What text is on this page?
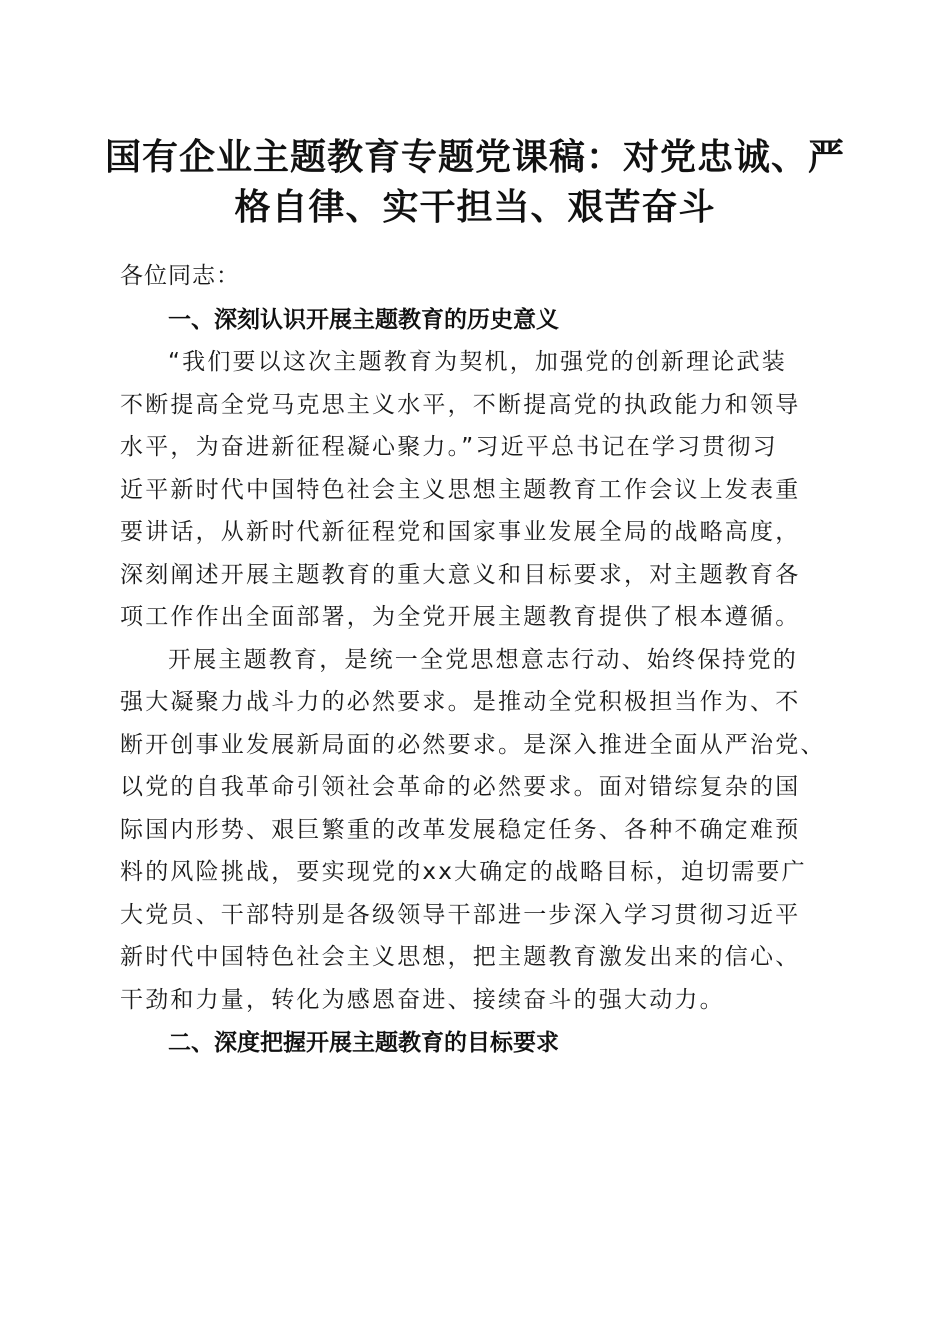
国有企业主题教育专题党课稿：对党忠诚、严
格自律、实干担当、艰苦奋斗

各位同志：

一、深刻认识开展主题教育的历史意义
“我们要以这次主题教育为契机，加强党的创新理论武装
不断提高全党马克思主义水平，不断提高党的执政能力和领导
水平，为奋进新征程凝心聚力。”习近平总书记在学习贯彻习
近平新时代中国特色社会主义思想主题教育工作会议上发表重
要讲话，从新时代新征程党和国家事业发展全局的战略高度，
深刻阐述开展主题教育的重大意义和目标要求，对主题教育各
项工作作出全面部署，为全党开展主题教育提供了根本遵循。
开展主题教育，是统一全党思想意志行动、始终保持党的
强大凝聚力战斗力的必然要求。是推动全党积极担当作为、不
断开创事业发展新局面的必然要求。是深入推进全面从严治党、
以党的自我革命引领社会革命的必然要求。面对错综复杂的国
际国内形势、艰巨繁重的改革发展稳定任务、各种不确定难预
料的风险挑战，要实现党的xx大确定的战略目标，迫切需要广
大党员、干部特别是各级领导干部进一步深入学习贯彻习近平
新时代中国特色社会主义思想，把主题教育激发出来的信心、
干劲和力量，转化为感恩奋进、接续奋斗的强大动力。
二、深度把握开展主题教育的目标要求
